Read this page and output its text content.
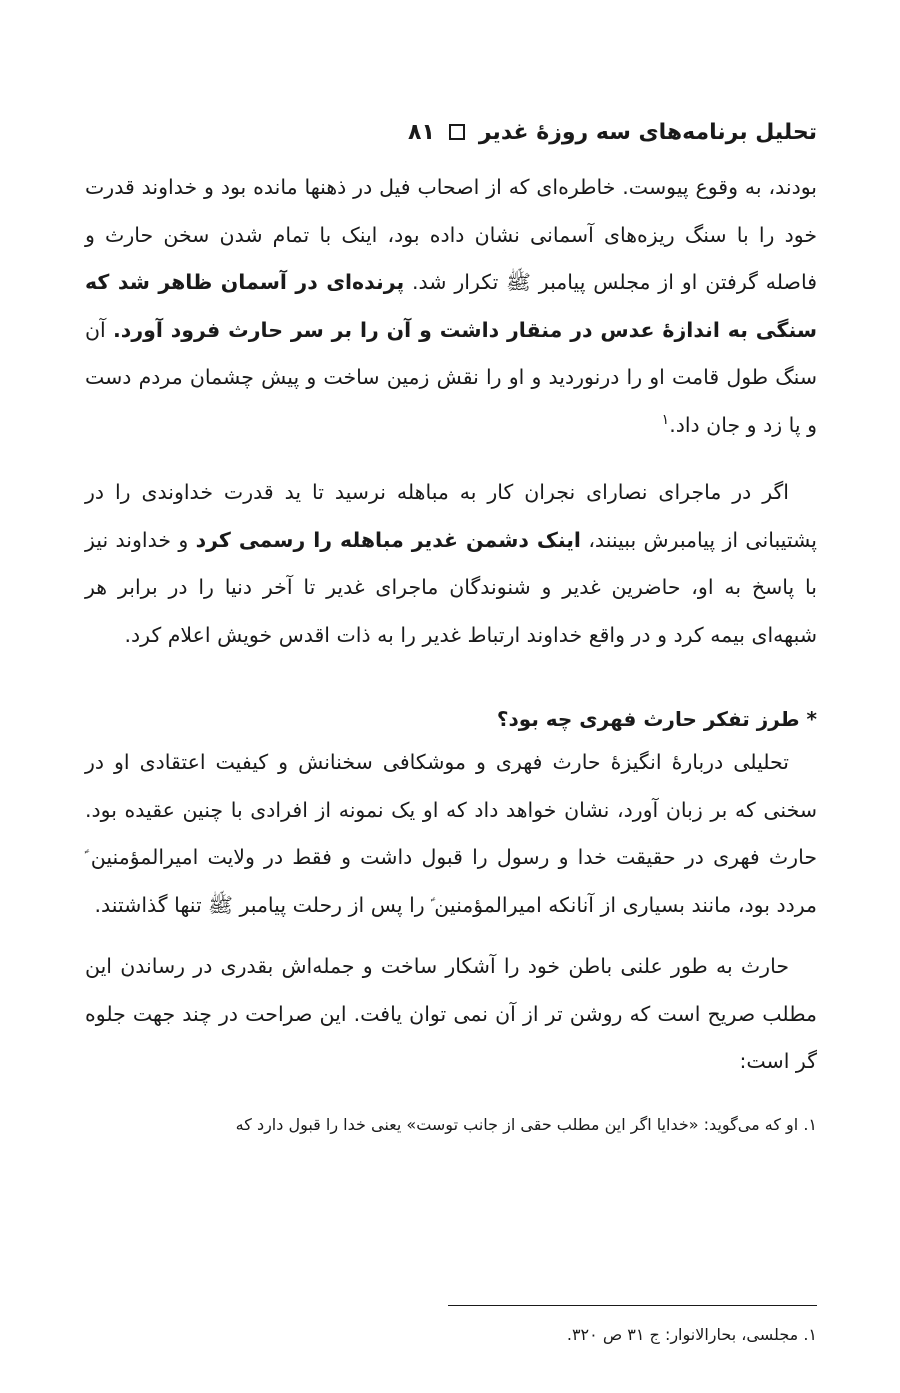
تحلیل برنامه‌های سه روزهٔ غدیر
۸۱

بودند، به وقوع پیوست. خاطره‌ای که از اصحاب فیل در ذهنها مانده بود و خداوند قدرت خود را با سنگ ریزه‌های آسمانی نشان داده بود، اینک با تمام شدن سخن حارث و فاصله گرفتن او از مجلس پیامبر ﷺ تکرار شد. پرنده‌ای در آسمان ظاهر شد که سنگی به اندازهٔ عدس در منقار داشت و آن را بر سر حارث فرود آورد. آن سنگ طول قامت او را درنوردید و او را نقش زمین ساخت و پیش چشمان مردم دست و پا زد و جان داد.$^۱$

اگر در ماجرای نصارای نجران کار به مباهله نرسید تا ید قدرت خداوندی را در پشتیبانی از پیامبرش ببینند، اینک دشمن غدیر مباهله را رسمی کرد و خداوند نیز با پاسخ به او، حاضرین غدیر و شنوندگان ماجرای غدیر تا آخر دنیا را در برابر هر شبهه‌ای بیمه کرد و در واقع خداوند ارتباط غدیر را به ذات اقدس خویش اعلام کرد.

* طرز تفکر حارث فهری چه بود؟

تحلیلی دربارهٔ انگیزهٔ حارث فهری و موشکافی سخنانش و کیفیت اعتقادی او در سخنی که بر زبان آورد، نشان خواهد داد که او یک نمونه از افرادی با چنین عقیده بود. حارث فهری در حقیقت خدا و رسول را قبول داشت و فقط در ولایت امیرالمؤمنین ؑ مردد بود، مانند بسیاری از آنانکه امیرالمؤمنین ؑ را پس از رحلت پیامبر ﷺ تنها گذاشتند.

حارث به طور علنی باطن خود را آشکار ساخت و جمله‌اش بقدری در رساندن این مطلب صریح است که روشن تر از آن نمی توان یافت. این صراحت در چند جهت جلوه گر است:

۱. او که می‌گوید: «خدایا اگر این مطلب حقی از جانب توست» یعنی خدا را قبول دارد که
۱. مجلسی، بحارالانوار: ج ۳۱ ص ۳۲۰.
